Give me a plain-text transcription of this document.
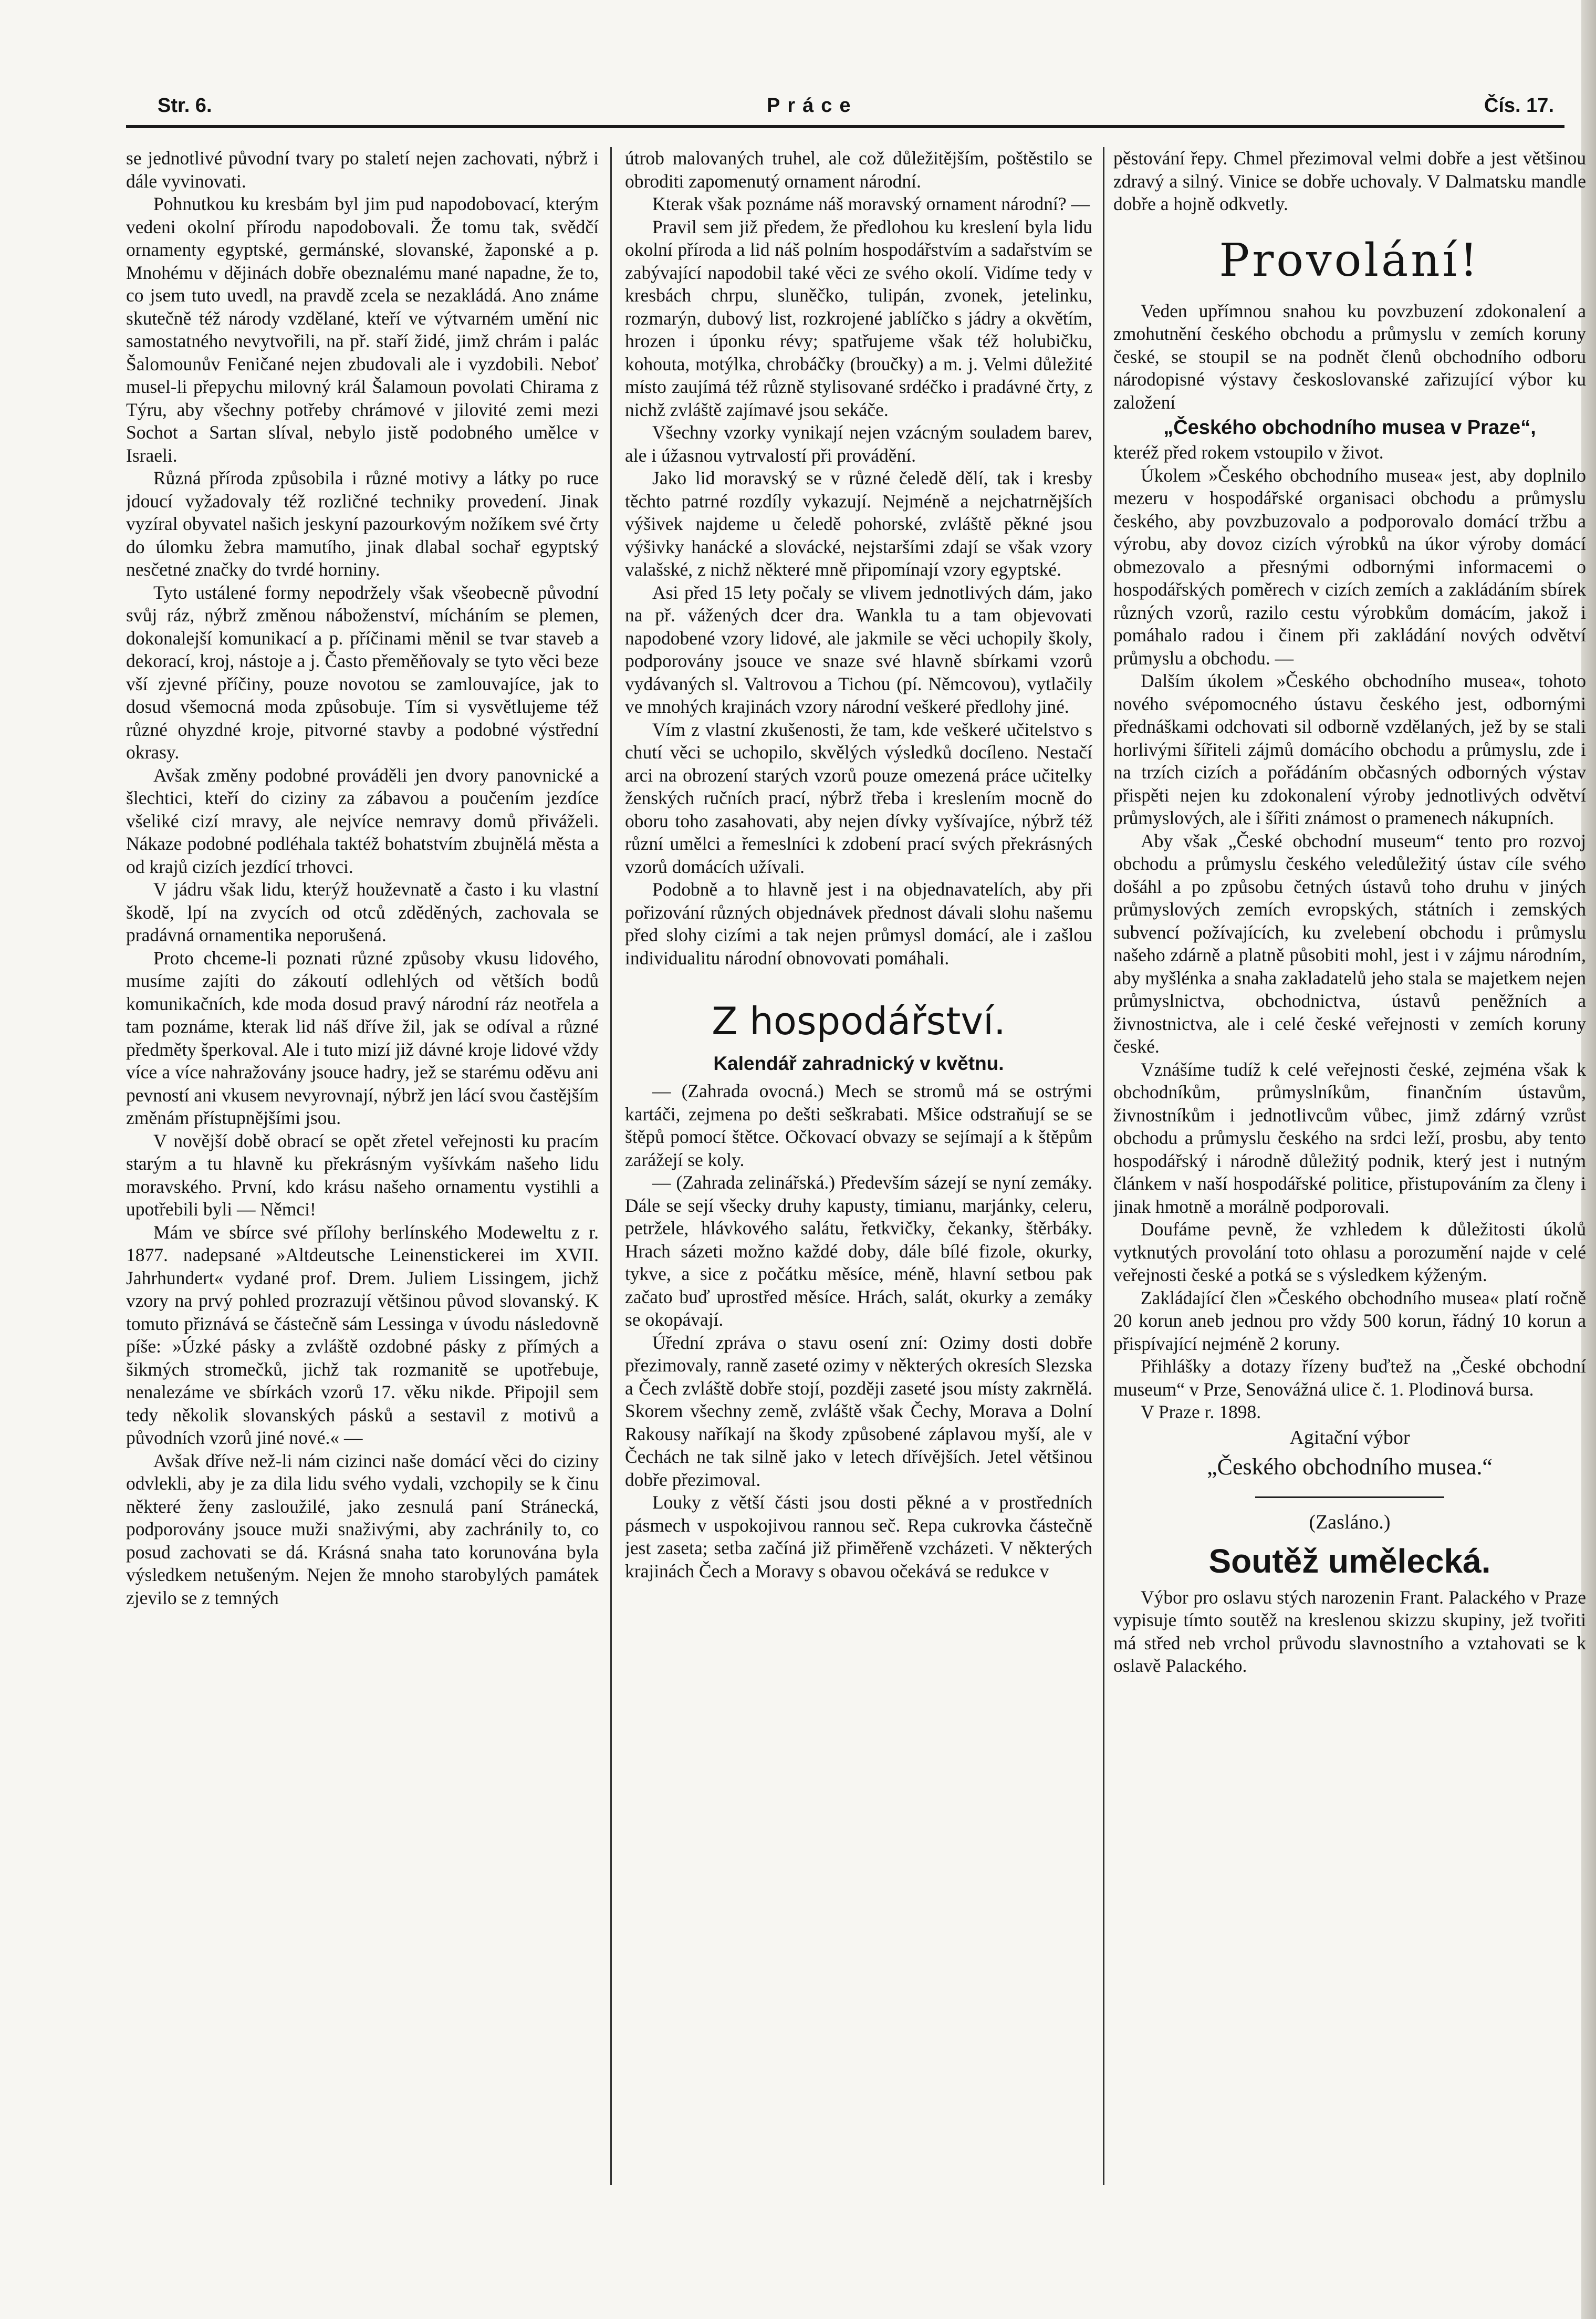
Str. 6.	Práce	Čís. 17.

se jednotlivé původní tvary po staletí nejen zachovati, nýbrž i dále vyvinovati.

Pohnutkou ku kresbám byl jim pud napodobovací, kterým vedeni okolní přírodu napodobovali. Že tomu tak, svědčí ornamenty egyptské, germánské, slovanské, žaponské a p. Mnohému v dějinách dobře obeznalému mané napadne, že to, co jsem tuto uvedl, na pravdě zcela se nezakládá. Ano známe skutečně též národy vzdělané, kteří ve výtvarném umění nic samostatného nevytvořili, na př. staří židé, jimž chrám i palác Šalomounův Feničané nejen zbudovali ale i vyzdobili. Neboť musel-li přepychu milovný král Šalamoun povolati Chirama z Týru, aby všechny potřeby chrámové v jilovité zemi mezi Sochot a Sartan slíval, nebylo jistě podobného umělce v Israeli.

Různá příroda způsobila i různé motivy a látky po ruce jdoucí vyžadovaly též rozličné techniky provedení. Jinak vyzíral obyvatel našich jeskyní pazourkovým nožíkem své črty do úlomku žebra mamutího, jinak dlabal sochař egyptský nesčetné značky do tvrdé horniny.

Tyto ustálené formy nepodržely však všeobecně původní svůj ráz, nýbrž změnou náboženství, mícháním se plemen, dokonalejší komunikací a p. příčinami měnil se tvar staveb a dekorací, kroj, nástoje a j. Často přeměňovaly se tyto věci beze vší zjevné příčiny, pouze novotou se zamlouvajíce, jak to dosud všemocná moda způsobuje. Tím si vysvětlujeme též různé ohyzdné kroje, pitvorné stavby a podobné výstřední okrasy.

Avšak změny podobné prováděli jen dvory panovnické a šlechtici, kteří do ciziny za zábavou a poučením jezdíce všeliké cizí mravy, ale nejvíce nemravy domů přiváželi. Nákaze podobné podléhala taktéž bohatstvím zbujnělá města a od krajů cizích jezdící trhovci.

V jádru však lidu, kterýž houževnatě a často i ku vlastní škodě, lpí na zvycích od otců zděděných, zachovala se pradávná ornamentika neporušená.

Proto chceme-li poznati různé způsoby vkusu lidového, musíme zajíti do zákoutí odlehlých od větších bodů komunikačních, kde moda dosud pravý národní ráz neotřela a tam poznáme, kterak lid náš dříve žil, jak se odíval a různé předměty šperkoval. Ale i tuto mizí již dávné kroje lidové vždy více a více nahražovány jsouce hadry, jež se starému oděvu ani pevností ani vkusem nevyrovnají, nýbrž jen lácí svou častějším změnám přístupnějšími jsou.

V novější době obrací se opět zřetel veřejnosti ku pracím starým a tu hlavně ku překrásným vyšívkám našeho lidu moravského. První, kdo krásu našeho ornamentu vystihli a upotřebili byli — Němci!

Mám ve sbírce své přílohy berlínského Modeweltu z r. 1877. nadepsané »Altdeutsche Leinenstickerei im XVII. Jahrhundert« vydané prof. Drem. Juliem Lissingem, jichž vzory na prvý pohled prozrazují většinou původ slovanský. K tomuto přiznává se částečně sám Lessinga v úvodu následovně píše: »Úzké pásky a zvláště ozdobné pásky z přímých a šikmých stromečků, jichž tak rozmanitě se upotřebuje, nenalezáme ve sbírkách vzorů 17. věku nikde. Připojil sem tedy několik slovanských pásků a sestavil z motivů a původních vzorů jiné nové.« —

Avšak dříve než-li nám cizinci naše domácí věci do ciziny odvlekli, aby je za dila lidu svého vydali, vzchopily se k činu některé ženy zasloužilé, jako zesnulá paní Stránecká, podporovány jsouce muži snaživými, aby zachránily to, co posud zachovati se dá. Krásná snaha tato korunována byla výsledkem netušeným. Nejen že mnoho starobylých památek zjevilo se z temných

útrob malovaných truhel, ale což důležitějším, poštěstilo se obroditi zapomenutý ornament národní.

Kterak však poznáme náš moravský ornament národní? —

Pravil sem již předem, že předlohou ku kreslení byla lidu okolní příroda a lid náš polním hospodářstvím a sadařstvím se zabývající napodobil také věci ze svého okolí. Vidíme tedy v kresbách chrpu, sluněčko, tulipán, zvonek, jetelinku, rozmarýn, dubový list, rozkrojené jablíčko s jádry a okvětím, hrozen i úponku révy; spatřujeme však též holubičku, kohouta, motýlka, chrobáčky (broučky) a m. j. Velmi důležité místo zaujímá též různě stylisované srdéčko i pradávné črty, z nichž zvláště zajímavé jsou sekáče.

Všechny vzorky vynikají nejen vzácným souladem barev, ale i úžasnou vytrvalostí při provádění.

Jako lid moravský se v různé čeledě dělí, tak i kresby těchto patrné rozdíly vykazují. Nejméně a nejchatrnějších výšivek najdeme u čeledě pohorské, zvláště pěkné jsou výšivky hanácké a slovácké, nejstaršími zdají se však vzory valašské, z nichž některé mně připomínají vzory egyptské.

Asi před 15 lety počaly se vlivem jednotlivých dám, jako na př. vážených dcer dra. Wankla tu a tam objevovati napodobené vzory lidové, ale jakmile se věci uchopily školy, podporovány jsouce ve snaze své hlavně sbírkami vzorů vydávaných sl. Valtrovou a Tichou (pí. Němcovou), vytlačily ve mnohých krajinách vzory národní veškeré předlohy jiné.

Vím z vlastní zkušenosti, že tam, kde veškeré učitelstvo s chutí věci se uchopilo, skvělých výsledků docíleno. Nestačí arci na obrození starých vzorů pouze omezená práce učitelky ženských ručních prací, nýbrž třeba i kreslením mocně do oboru toho zasahovati, aby nejen dívky vyšívajíce, nýbrž též různí umělci a řemeslníci k zdobení prací svých překrásných vzorů domácích užívali.

Podobně a to hlavně jest i na objednavatelích, aby při pořizování různých objednávek přednost dávali slohu našemu před slohy cizími a tak nejen průmysl domácí, ale i zašlou individualitu národní obnovovati pomáhali.

Z hospodářství.
Kalendář zahradnický v květnu.

— (Zahrada ovocná.) Mech se stromů má se ostrými kartáči, zejmena po dešti seškrabati. Mšice odstraňují se se štěpů pomocí štětce. Očkovací obvazy se sejímají a k štěpům zarážejí se koly.

— (Zahrada zelinářská.) Především sázejí se nyní zemáky. Dále se sejí všecky druhy kapusty, timianu, marjánky, celeru, petrželе, hlávkového salátu, řetkvičky, čekanky, štěrbáky. Hrach sázeti možno každé doby, dále bílé fizole, okurky, tykve, a sice z počátku měsíce, méně, hlavní setbou pak začato buď uprostřed měsíce. Hrách, salát, okurky a zemáky se okopávají.

Úřední zpráva o stavu osení zní: Ozimy dosti dobře přezimovaly, ranně zaseté ozimy v některých okresích Slezska a Čech zvláště dobře stojí, později zaseté jsou místy zakrnělá. Skorem všechny země, zvláště však Čechy, Morava a Dolní Rakousy naříkají na škody způsobené záplavou myší, ale v Čechách ne tak silně jako v letech dřívějších. Jetel většinou dobře přezimoval.

Louky z větší části jsou dosti pěkné a v prostředních pásmech v uspokojivou rannou seč. Repa cukrovka částečně jest zaseta; setba začíná již přiměřeně vzcházeti. V některých krajinách Čech a Moravy s obavou očekává se redukce v

pěstování řepy. Chmel přezimoval velmi dobře a jest většinou zdravý a silný. Vinice se dobře uchovaly. V Dalmatsku mandle dobře a hojně odkvetly.

Provolání!

Veden upřímnou snahou ku povzbuzení zdokonalení a zmohutnění českého obchodu a průmyslu v zemích koruny české, se stoupil se na podnět členů obchodního odboru národopisné výstavy českoslovanské zařizující výbor ku založení

„Českého obchodního musea v Praze“,

kteréž před rokem vstoupilo v život.

Úkolem »Českého obchodního musea« jest, aby doplnilo mezeru v hospodářské organisaci obchodu a průmyslu českého, aby povzbuzovalo a podporovalo domácí tržbu a výrobu, aby dovoz cizích výrobků na úkor výroby domácí obmezovalo a přesnými odbornými informacemi o hospodářských poměrech v cizích zemích a zakládáním sbírek různých vzorů, razilo cestu výrobkům domácím, jakož i pomáhalo radou i činem při zakládání nových odvětví průmyslu a obchodu. —

Dalším úkolem »Českého obchodního musea«, tohoto nového svépomocného ústavu českého jest, odbornými přednáškami odchovati sil odborně vzdělaných, jež by se stali horlivými šířiteli zájmů domácího obchodu a průmyslu, zde i na trzích cizích a pořádáním občasných odborných výstav přispěti nejen ku zdokonalení výroby jednotlivých odvětví průmyslových, ale i šířiti známost o pramenech nákupních.

Aby však „České obchodní museum“ tento pro rozvoj obchodu a průmyslu českého veledůležitý ústav cíle svého došáhl a po způsobu četných ústavů toho druhu v jiných průmyslových zemích evropských, státních i zemských subvencí požívajících, ku zvelebení obchodu i průmyslu našeho zdárně a platně působiti mohl, jest i v zájmu národním, aby myšlénka a snaha zakladatelů jeho stala se majetkem nejen průmyslnictva, obchodnictva, ústavů peněžních a živnostnictva, ale i celé české veřejnosti v zemích koruny české.

Vznášíme tudíž k celé veřejnosti české, zejména však k obchodníkům, průmyslníkům, finančním ústavům, živnostníkům i jednotlivcům vůbec, jimž zdárný vzrůst obchodu a průmyslu českého na srdci leží, prosbu, aby tento hospodářský i národně důležitý podnik, který jest i nutným článkem v naší hospodářské politice, přistupováním za členy i jinak hmotně a morálně podporovali.

Doufáme pevně, že vzhledem k důležitosti úkolů vytknutých provolání toto ohlasu a porozumění najde v celé veřejnosti české a potká se s výsledkem kýženým.

Zakládající člen »Českého obchodního musea« platí ročně 20 korun aneb jednou pro vždy 500 korun, řádný 10 korun a přispívající nejméně 2 koruny.

Přihlášky a dotazy řízeny buďtež na „České obchodní museum“ v Prze, Senovážná ulice č. 1. Plodinová bursa.

V Praze r. 1898.

Agitační výbor
„Českého obchodního musea.“
(Zasláno.)
Soutěž umělecká.

Výbor pro oslavu stých narozenin Frant. Palackého v Praze vypisuje tímto soutěž na kreslenou skizzu skupiny, jež tvořiti má střed neb vrchol průvodu slavnostního a vztahovati se k oslavě Palackého.
